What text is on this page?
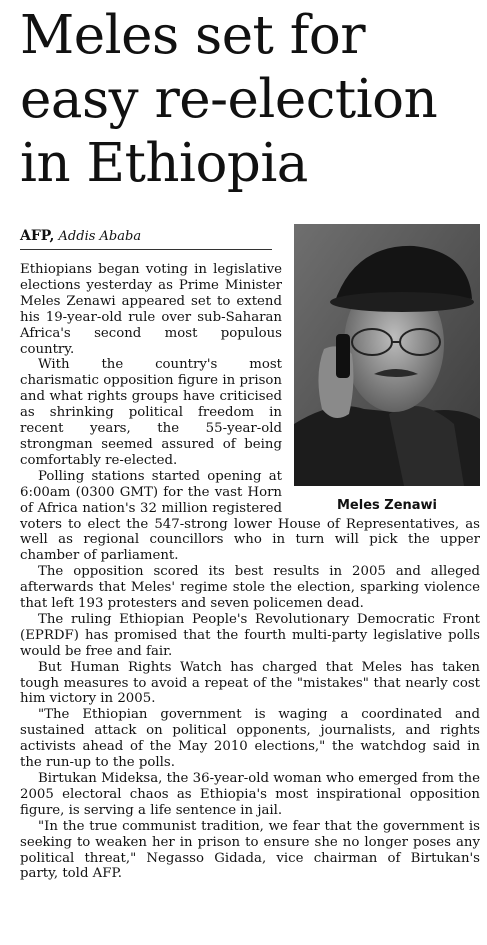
Meles set for
easy re-election
in Ethiopia
AFP, Addis Ababa
Meles Zenawi

Ethiopians began voting in legislative elections yesterday as Prime Minister Meles Zenawi appeared set to extend his 19-year-old rule over sub-Saharan Africa's second most populous country.

With the country's most charismatic opposition figure in prison and what rights groups have criticised as shrinking political freedom in recent years, the 55-year-old strongman seemed assured of being comfortably re-elected.

Polling stations started opening at 6:00am (0300 GMT) for the vast Horn of Africa nation's 32 million registered voters to elect the 547-strong lower House of Representatives, as well as regional councillors who in turn will pick the upper chamber of parliament.

The opposition scored its best results in 2005 and alleged afterwards that Meles' regime stole the election, sparking violence that left 193 protesters and seven policemen dead.

The ruling Ethiopian People's Revolutionary Democratic Front (EPRDF) has promised that the fourth multi-party legislative polls would be free and fair.

But Human Rights Watch has charged that Meles has taken tough measures to avoid a repeat of the "mistakes" that nearly cost him victory in 2005.

"The Ethiopian government is waging a coordinated and sustained attack on political opponents, journalists, and rights activists ahead of the May 2010 elections," the watchdog said in the run-up to the polls.

Birtukan Mideksa, the 36-year-old woman who emerged from the 2005 electoral chaos as Ethiopia's most inspirational opposition figure, is serving a life sentence in jail.

"In the true communist tradition, we fear that the government is seeking to weaken her in prison to ensure she no longer poses any political threat," Negasso Gidada, vice chairman of Birtukan's party, told AFP.
